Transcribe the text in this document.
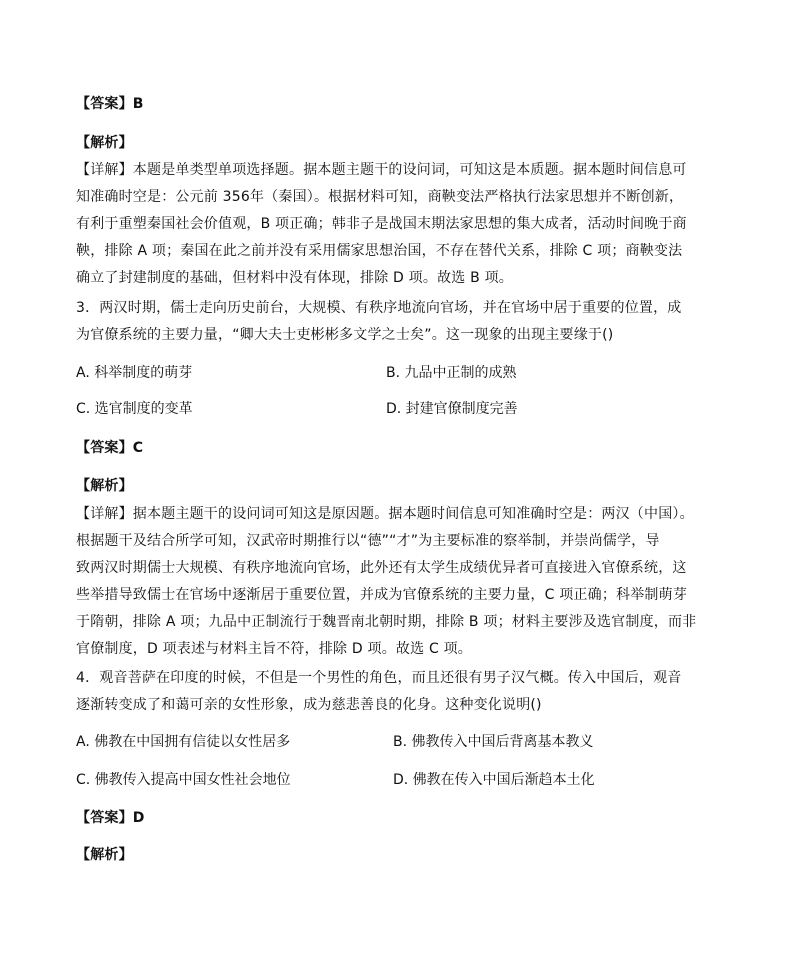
【答案】B
【解析】
【详解】本题是单类型单项选择题。据本题主题干的设问词，可知这是本质题。据本题时间信息可
知准确时空是：公元前 356年（秦国）。根据材料可知，商鞅变法严格执行法家思想并不断创新，
有利于重塑秦国社会价值观，B 项正确；韩非子是战国末期法家思想的集大成者，活动时间晚于商
鞅，排除 A 项；秦国在此之前并没有采用儒家思想治国，不存在替代关系，排除 C 项；商鞅变法
确立了封建制度的基础，但材料中没有体现，排除 D 项。故选 B 项。
3．两汉时期，儒士走向历史前台，大规模、有秩序地流向官场，并在官场中居于重要的位置，成
为官僚系统的主要力量，“卿大夫士吏彬彬多文学之士矣”。这一现象的出现主要缘于()
A. 科举制度的萌芽	B. 九品中正制的成熟
C. 选官制度的变革	D. 封建官僚制度完善
【答案】C
【解析】
【详解】据本题主题干的设问词可知这是原因题。据本题时间信息可知准确时空是：两汉（中国）。
根据题干及结合所学可知，汉武帝时期推行以“德”“才”为主要标准的察举制，并崇尚儒学，导
致两汉时期儒士大规模、有秩序地流向官场，此外还有太学生成绩优异者可直接进入官僚系统，这
些举措导致儒士在官场中逐渐居于重要位置，并成为官僚系统的主要力量，C 项正确；科举制萌芽
于隋朝，排除 A 项；九品中正制流行于魏晋南北朝时期，排除 B 项；材料主要涉及选官制度，而非
官僚制度，D 项表述与材料主旨不符，排除 D 项。故选 C 项。
4．观音菩萨在印度的时候，不但是一个男性的角色，而且还很有男子汉气概。传入中国后，观音
逐渐转变成了和蔼可亲的女性形象，成为慈悲善良的化身。这种变化说明()
A. 佛教在中国拥有信徒以女性居多	B. 佛教传入中国后背离基本教义
C. 佛教传入提高中国女性社会地位	D. 佛教在传入中国后渐趋本土化
【答案】D
【解析】
